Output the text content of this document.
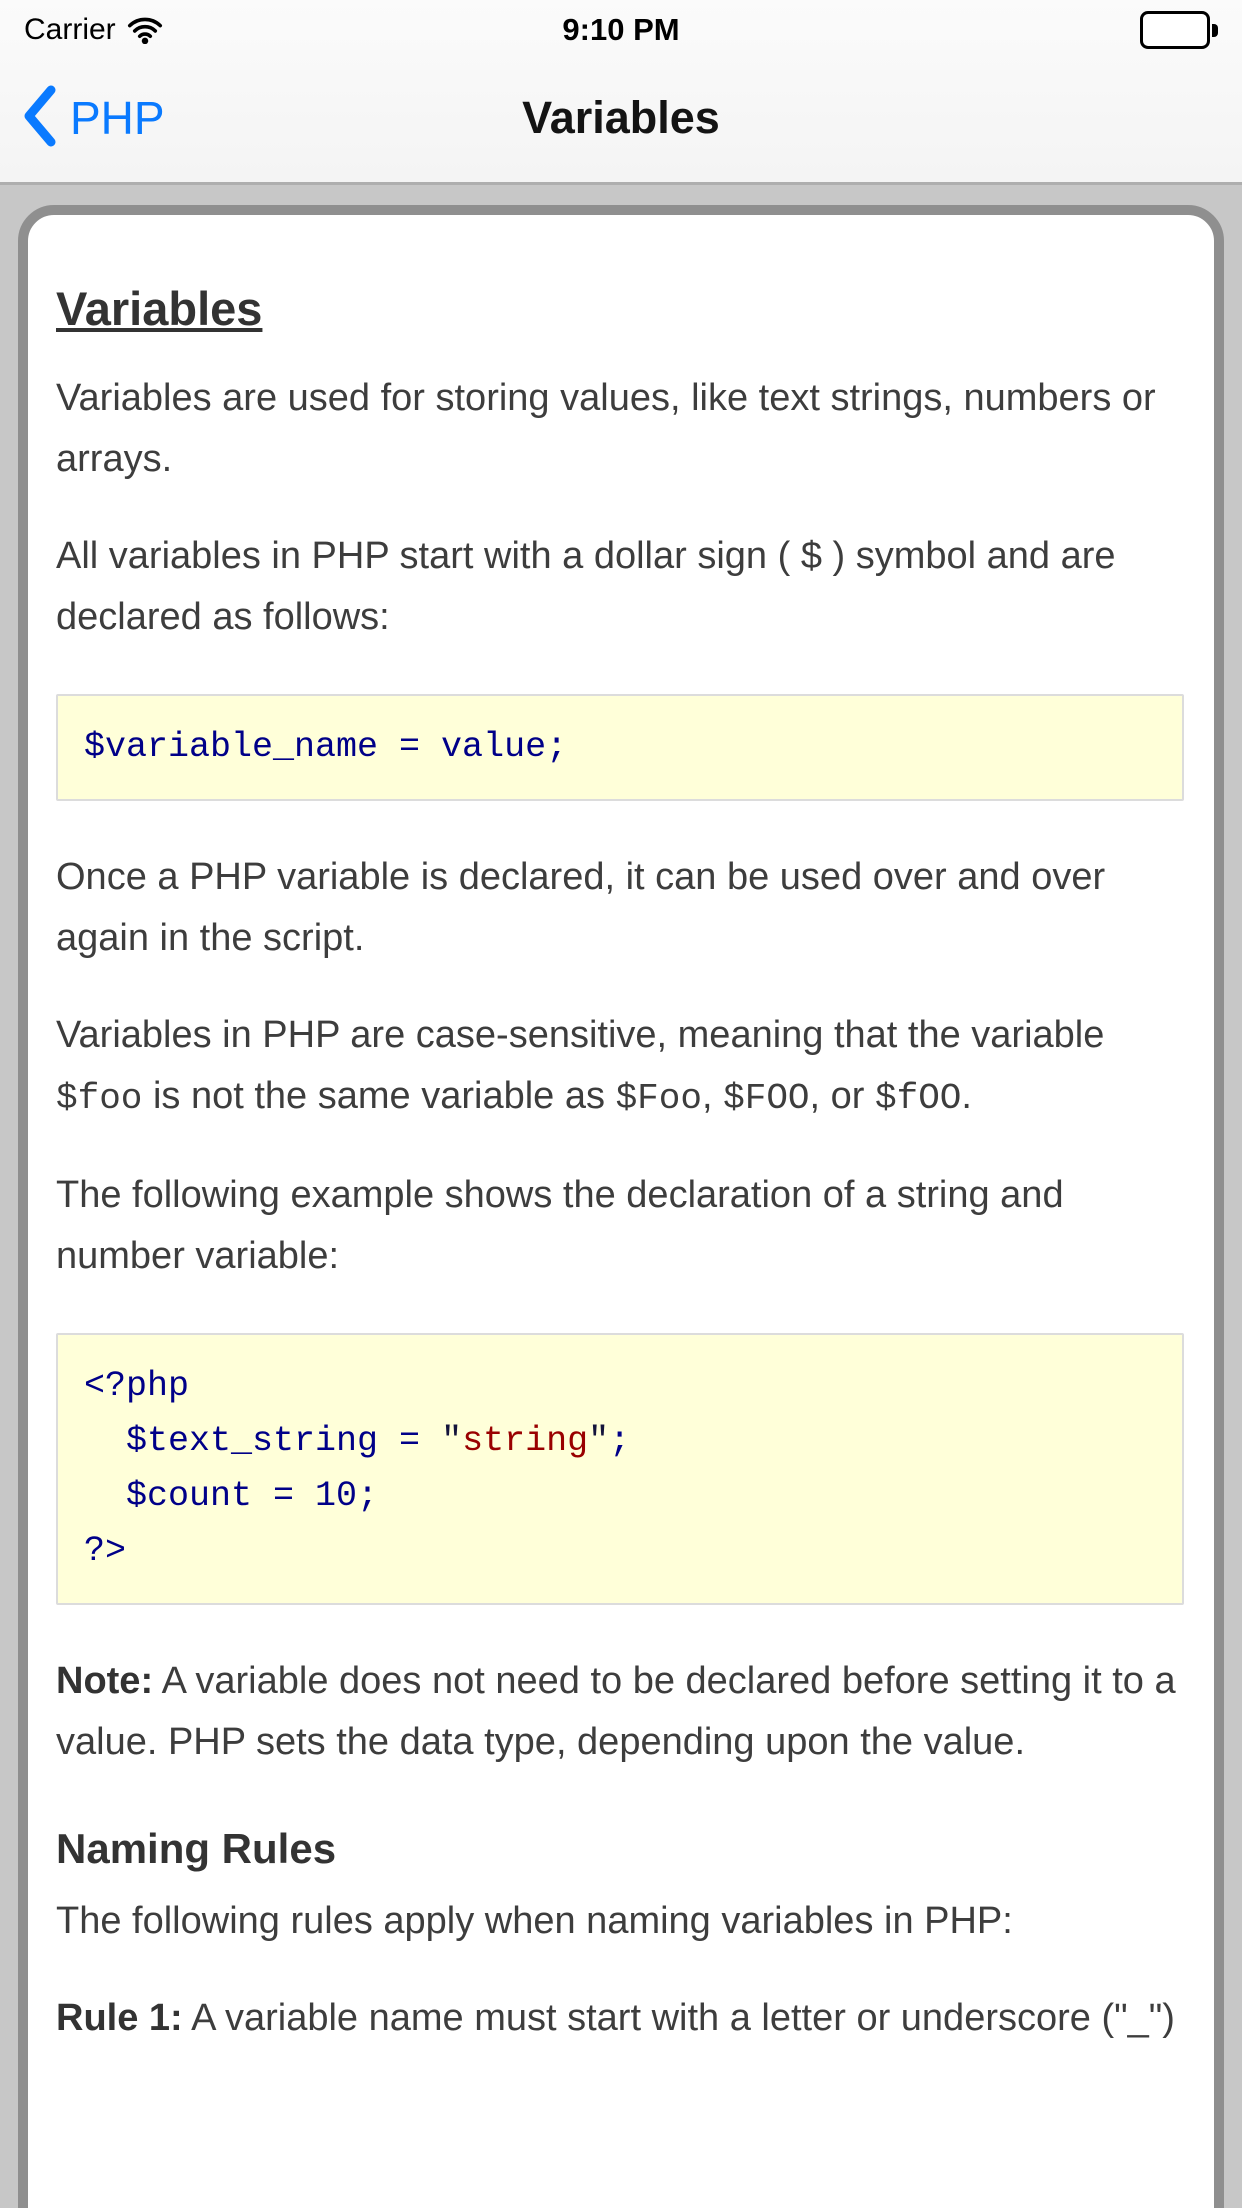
Carrier	9:10 PM
PHP	Variables
Variables

Variables are used for storing values, like text strings, numbers or arrays.

All variables in PHP start with a dollar sign ( $ ) symbol and are declared as follows:

$variable_name = value;

Once a PHP variable is declared, it can be used over and over again in the script.

Variables in PHP are case-sensitive, meaning that the variable $foo is not the same variable as $Foo, $FOO, or $fOO.

The following example shows the declaration of a string and number variable:

<?php
$text_string = "string";
$count = 10;
?>

Note: A variable does not need to be declared before setting it to a value. PHP sets the data type, depending upon the value.

Naming Rules

The following rules apply when naming variables in PHP:

Rule 1: A variable name must start with a letter or underscore ("_")
